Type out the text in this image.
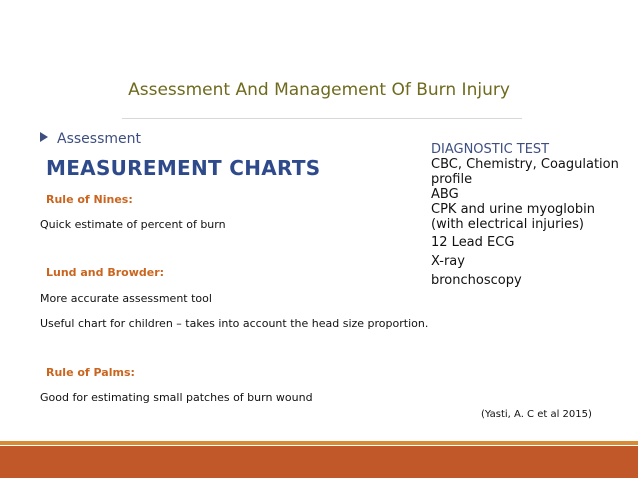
Assessment And Management Of Burn Injury
Assessment
MEASUREMENT CHARTS
Rule of Nines:
Quick estimate of percent of burn
Lund and Browder:
More accurate assessment tool
Useful chart for children – takes into account the head size proportion.
Rule of Palms:
Good for estimating small patches of burn wound
DIAGNOSTIC TEST
CBC, Chemistry, Coagulation
profile
ABG
CPK and urine myoglobin
(with electrical injuries)
12 Lead ECG
X-ray
bronchoscopy
(Yasti, A. C et al 2015)
